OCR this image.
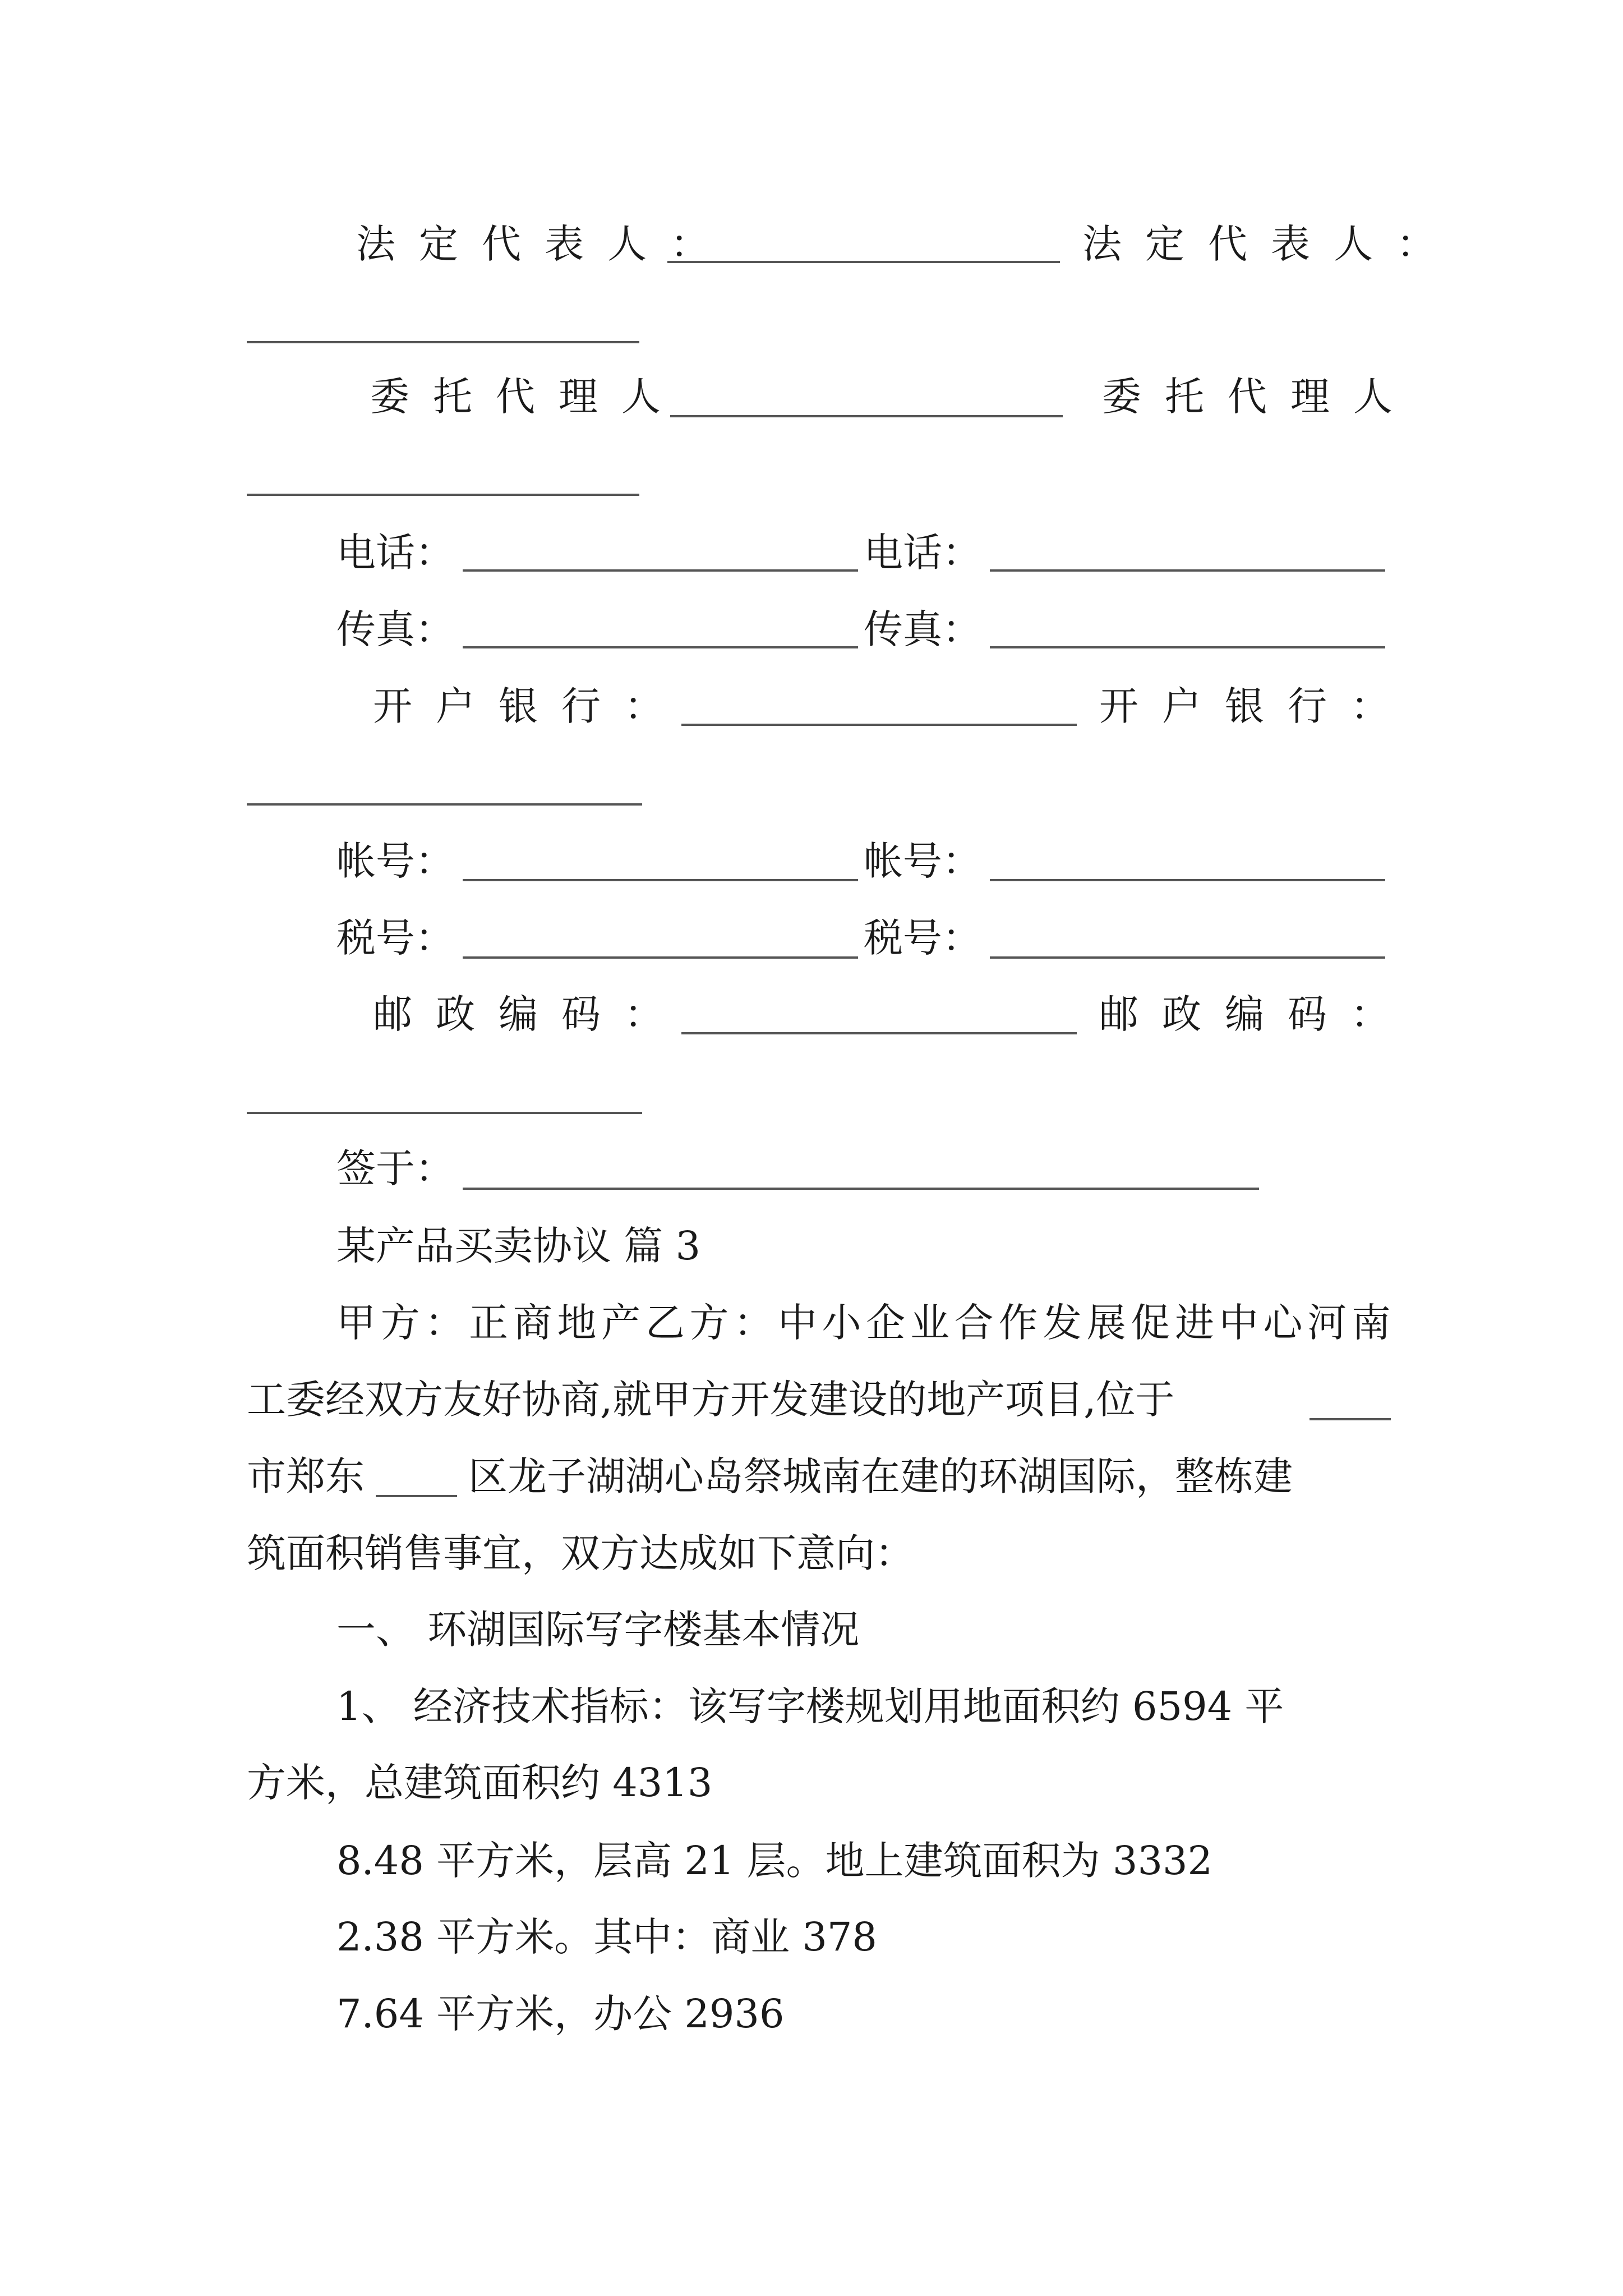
法定代表人：	法定代表人：
委托代理人	委托代理人
电话：	电话：
传真：	传真：
开户银行：	开户银行：
帐号：	帐号：
税号：	税号：
邮政编码：	邮政编码：
签于：
某产品买卖协议 篇 3
甲 方 ： 正 商 地 产 乙 方 ： 中 小 企 业 合 作 发 展 促 进 中 心 河 南
工委经双方友好协商,就甲方开发建设的地产项目,位于
市郑东	区龙子湖湖心岛祭城南在建的环湖国际，整栋建
筑面积销售事宜，双方达成如下意向：
一、 环湖国际写字楼基本情况
1、 经济技术指标：该写字楼规划用地面积约 6594 平
方米，总建筑面积约 4313
8.48 平方米，层高 21 层。地上建筑面积为 3332
2.38 平方米。其中：商业 378
7.64 平方米，办公 2936
